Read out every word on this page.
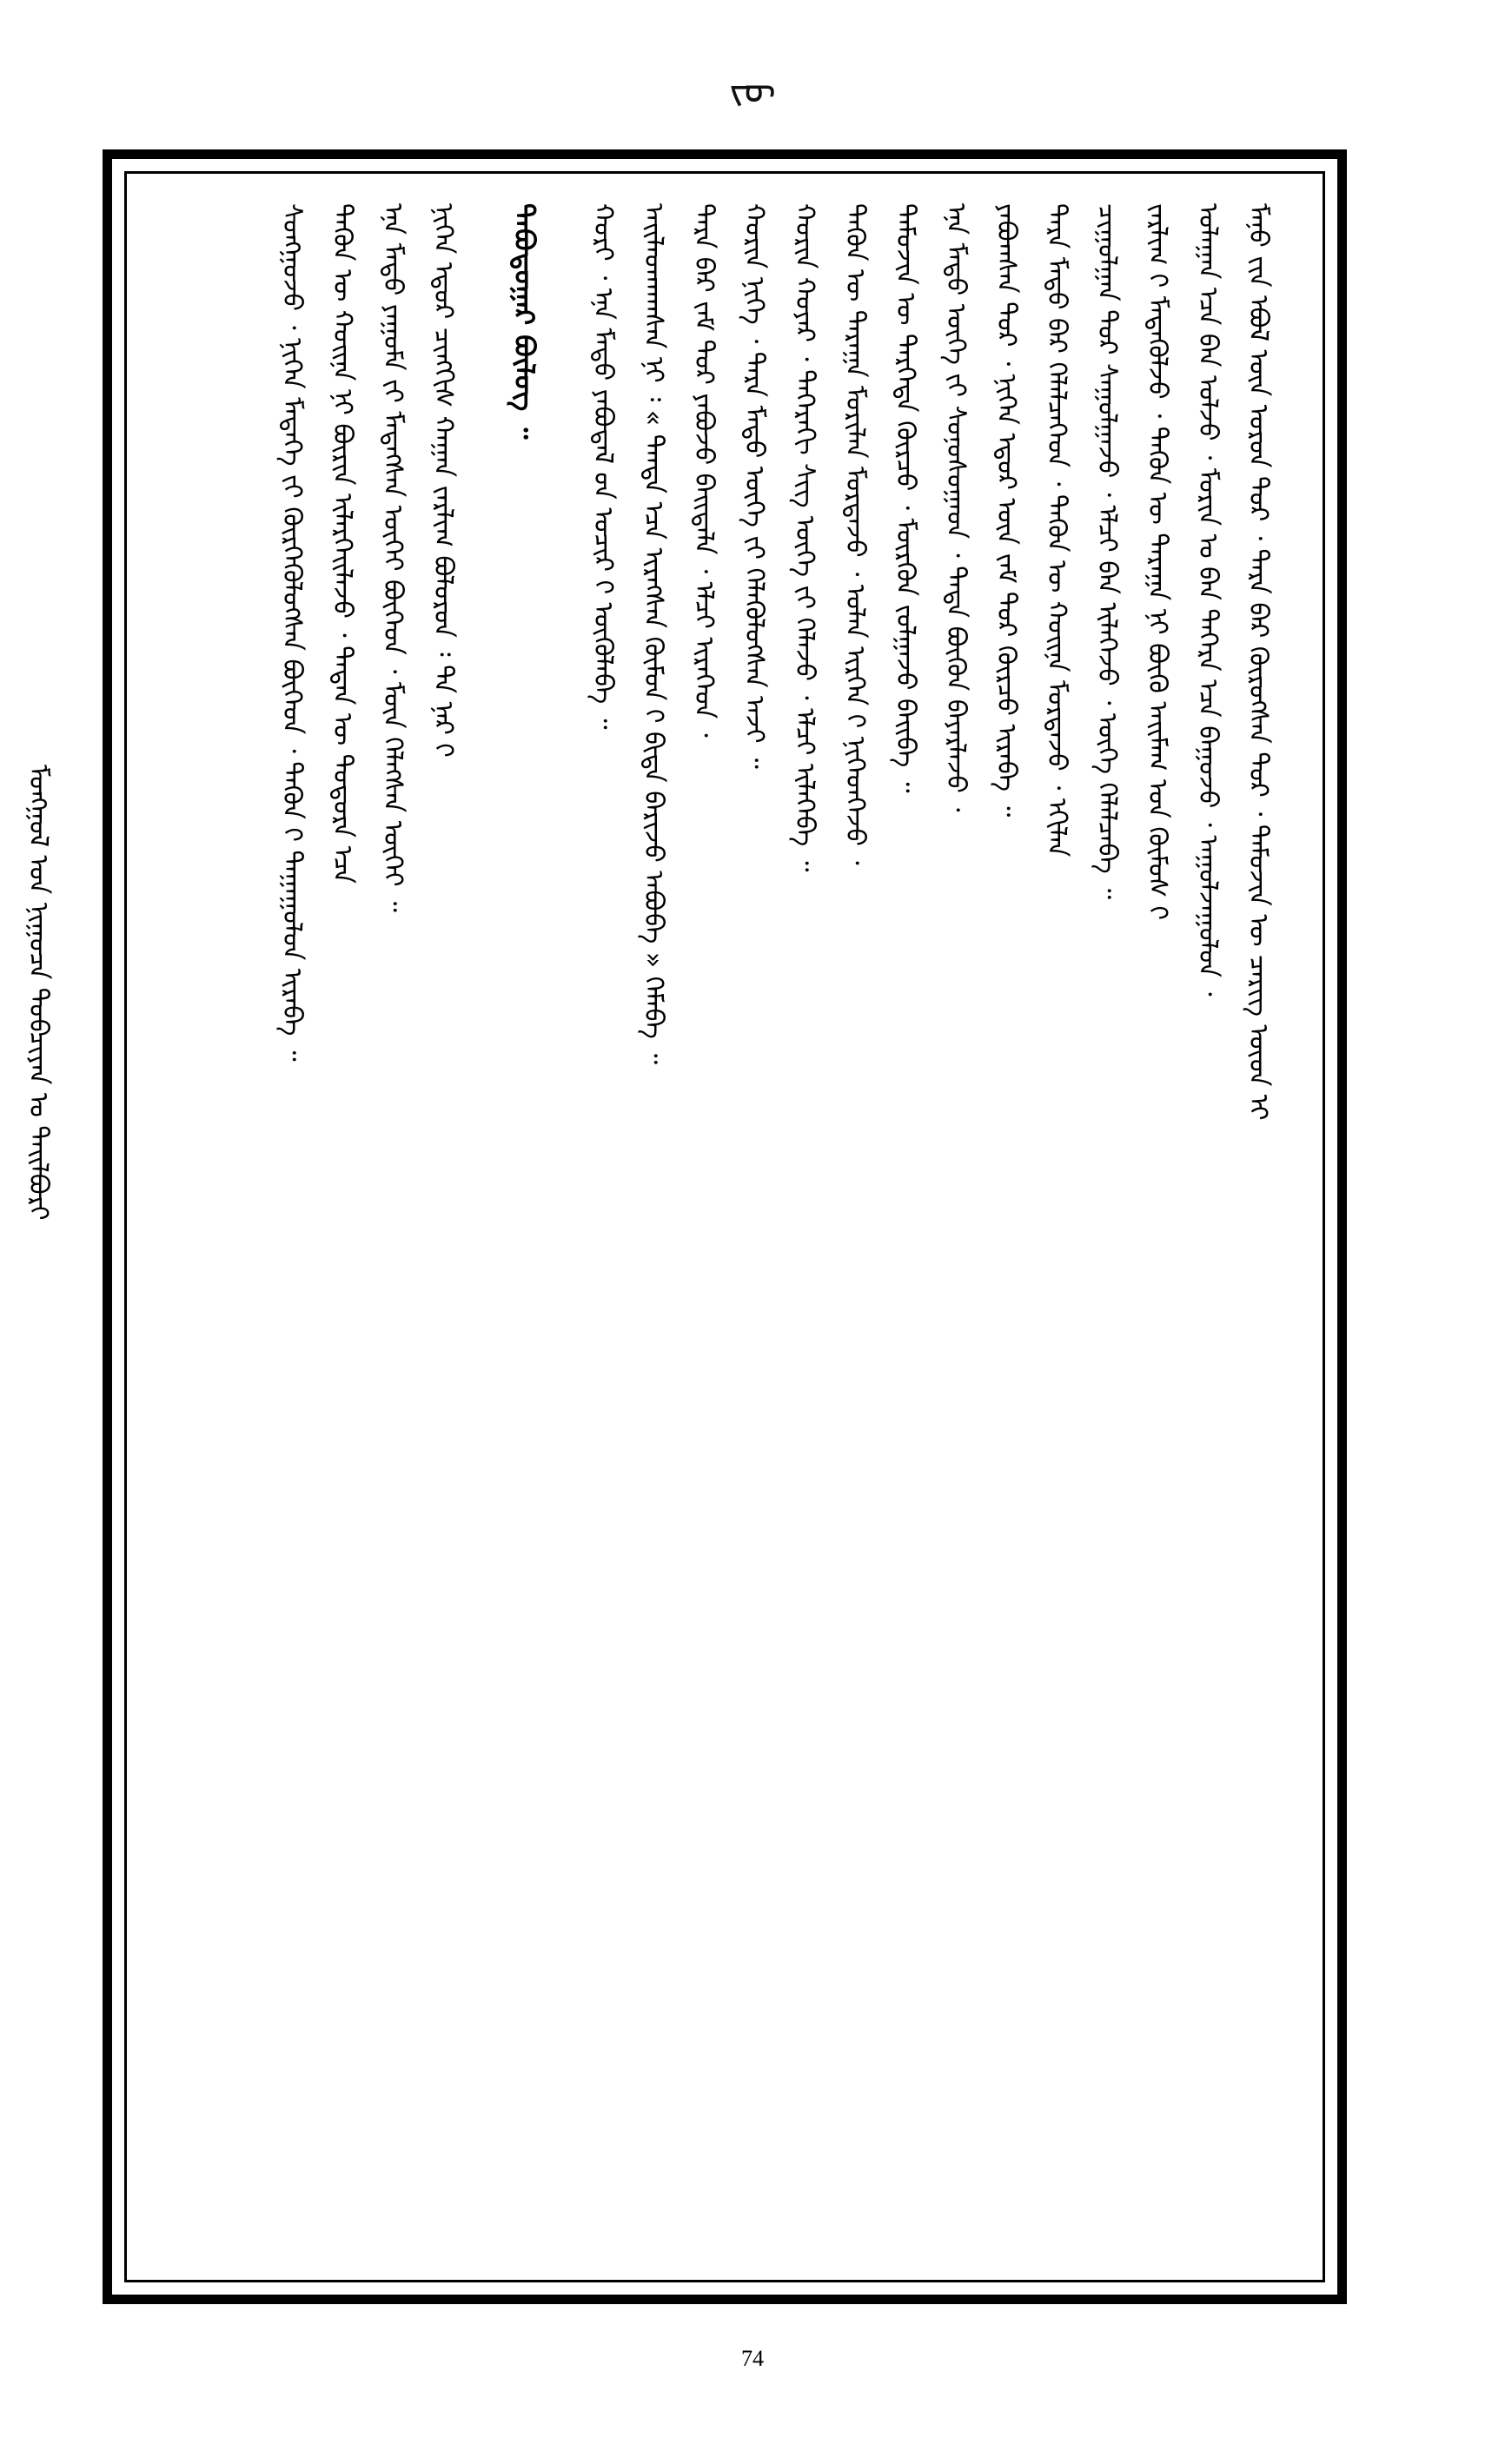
ᠵᠦ
ᠮᠣᠩᠭᠣᠯ ᠤᠨ ᠨᠢᠭᠤᠴᠠ ᠲᠣᠪᠴᠢᠶᠠᠨ ᠤ ᠲᠠᠢᠯᠪᠤᠷᠢ	ᠮᠠᠨᠤ ᠶ᠋ᠢᠨ ᠡᠪᠦᠯ ᠦᠨ ᠣᠷᠣᠨ ᠳᠤᠷ ᠂ ᠲᠡᠷᠡ ᠪᠡᠷ ᠬᠦᠷᠦᠭᠰᠡᠨ ᠳᠤᠷ ᠂ ᠲᠡᠮᠦᠵᠢᠨ ᠦ ᠴᠡᠷᠢᠭ ᠦᠳ ᠢ
ᠤᠯᠠᠭᠠᠨ ᠡᠴᠡ ᠪᠡᠨ ᠣᠯᠵᠤ ᠂ ᠮᠣᠷᠢᠨ ᠤ ᠪᠠᠨ ᠳᠡᠭᠡᠷᠡ ᠡᠴᠡ ᠪᠠᠭᠤᠵᠤ ᠂ ᠠᠭᠤᠯᠵᠠᠭᠤᠯᠤᠨ ᠂
ᠵᠠᠷᠯᠢᠭ ᠢ᠋ ᠮᠡᠳᠡᠭᠦᠯᠵᠦ ᠂ ᠲᠡᠭᠦᠨ ᠦ ᠳᠠᠷᠠᠭᠠ ᠨᠢ ᠪᠦᠬᠦ ᠠᠢᠮᠠᠭ ᠤᠨ ᠬᠦᠮᠦᠰ ᠢ᠋
ᠴᠢᠭᠤᠯᠭᠠᠨ ᠳᠤᠷ ᠰᠠᠭᠤᠯᠭᠠᠵᠤ ᠂ ᠡᠯᠴᠢ ᠪᠡᠨ ᠢᠯᠡᠭᠡᠵᠦ ᠂ ᠦᠭᠡ ᠬᠡᠯᠡᠯᠴᠡᠪᠡ ᠃
ᠲᠡᠷᠡ ᠮᠡᠲᠦ ᠪᠡᠷ ᠬᠡᠯᠡᠯᠴᠡᠭᠡᠳ ᠂ ᠲᠡᠭᠦᠨ ᠦ ᠬᠣᠢᠨᠠ ᠮᠣᠷᠳᠠᠵᠤ ᠂ ᠡᠬᠢᠯᠡᠨ
ᠶᠠᠪᠤᠭᠰᠠᠨ ᠳᠤᠷ ᠂ ᠨᠢᠭᠡᠨ ᠡᠳᠦᠷ ᠦᠨ ᠵᠠᠮ ᠳᠤᠷ ᠬᠦᠷᠴᠦ ᠢᠷᠡᠪᠡ ᠃
ᠡᠨᠡ ᠮᠡᠲᠦ ᠦᠭᠡ ᠶ᠋ᠢ ᠰᠣᠨᠣᠰᠤᠭᠠᠳ ᠂ ᠲᠡᠳᠡ ᠪᠦᠬᠦᠨ ᠪᠠᠶᠠᠷᠯᠠᠵᠤ ᠂
ᠲᠡᠮᠦᠵᠢᠨ ᠦ ᠳᠡᠷᠭᠡᠳᠡ ᠬᠦᠷᠴᠦ ᠂ ᠮᠥᠷᠭᠦᠨ ᠵᠣᠯᠭᠠᠵᠤ ᠪᠠᠢᠪᠠ ᠃
ᠲᠡᠭᠦᠨ ᠦ ᠳᠠᠷᠠᠭᠠ ᠮᠣᠷᠢᠯᠠᠨ ᠮᠣᠷᠳᠠᠵᠤ ᠂ ᠣᠯᠠᠨ ᠢᠷᠭᠡᠨ ᠢ᠋ ᠨᠢᠭᠡᠳᠬᠡᠵᠦ ᠂
᠌ᠬᠣᠷᠢᠨ ᠬᠣᠶᠠᠷ ᠂ ᠳᠡᠭᠡᠷᠡᠬᠢ ᠰᠢᠭ ᠦᠭᠡ ᠶ᠋ᠢ ᠬᠡᠯᠡᠵᠦ ᠂ ᠡᠯᠴᠢ ᠢᠯᠡᠭᠡᠪᠡ ᠃
ᠬᠣᠷᠢᠨ ᠨᠢᠭᠡ ᠂ ᠲᠡᠷᠡ ᠮᠡᠲᠦ ᠦᠭᠡ ᠶ᠋ᠢ ᠬᠡᠯᠡᠭᠦᠯᠦᠭᠰᠡᠨ ᠠᠵᠢ ᠃
ᠲᠡᠷᠡ ᠪᠡᠷ ᠵᠠᠮ ᠳᠤᠷ ᠶᠠᠪᠤᠵᠤ ᠪᠠᠢᠲᠠᠯᠠ ᠂ ᠡᠯᠴᠢ ᠢᠷᠡᠭᠡᠳ ᠂
ᠠᠢᠯᠠᠳᠬᠠᠭᠰᠠᠨ ᠨᠢ ᠄ « ᠲᠡᠨᠳᠡ ᠡᠴᠡ ᠢᠷᠡᠭᠰᠡᠨ ᠬᠦᠮᠦᠨ ᠢ᠋ ᠪᠢᠳᠡ ᠪᠠᠷᠢᠵᠤ ᠠᠪᠤᠪᠠ » ᠬᠡᠮᠡᠪᠡ ᠃
ᠬᠣᠷᠢ ᠂ ᠡᠨᠡ ᠮᠡᠲᠦ ᠶᠠᠪᠤᠳᠠᠯ ᠤ᠋ᠨ ᠤᠴᠢᠷ ᠢ᠋ ᠥᠭᠦᠯᠡᠪᠡ ᠃
ᠲᠠᠪᠤᠳᠤᠭᠠᠷ ᠪᠦᠯᠦᠭ ᠃
ᠨᠢᠭᠡᠨ ᠡᠳᠦᠷ ᠴᠢᠩᠭᠢᠰ ᠬᠠᠭᠠᠨ ᠵᠠᠷᠯᠢᠭ ᠪᠣᠯᠤᠷᠤᠨ ᠄ ᠲᠠ ᠨᠠᠷ ᠢ᠋
ᠡᠨᠡ ᠮᠡᠲᠦ ᠶᠠᠭᠤᠮᠠ ᠶ᠋ᠢ ᠮᠡᠳᠡᠭᠰᠡᠨ ᠦᠭᠡᠢ ᠪᠥᠭᠡᠳ ᠂ ᠮᠥᠨ ᠬᠡᠯᠡᠭᠰᠡᠨ ᠦᠭᠡᠢ ᠃
ᠲᠡᠭᠦᠨ ᠦ ᠬᠣᠢᠨᠠ ᠨᠢ ᠪᠦᠷᠢᠨ ᠢᠯᠡᠷᠬᠡᠢᠯᠡᠵᠦ ᠂ ᠲᠡᠳᠡᠨ ᠦ ᠳᠣᠲᠣᠷᠠ ᠡᠴᠡ
ᠰᠣᠩᠭᠣᠵᠤ ᠂ ᠨᠢᠭᠡᠨ ᠮᠡᠳᠡᠭᠡ ᠶ᠋ᠢ ᠬᠦᠷᠭᠡᠭᠦᠯᠦᠭᠰᠡᠨ ᠪᠥᠭᠡᠳ ᠂ ᠲᠡᠭᠦᠨ ᠢ᠋ ᠳᠠᠭᠠᠭᠤᠯᠤᠨ ᠢᠷᠡᠪᠡ ᠃
74
